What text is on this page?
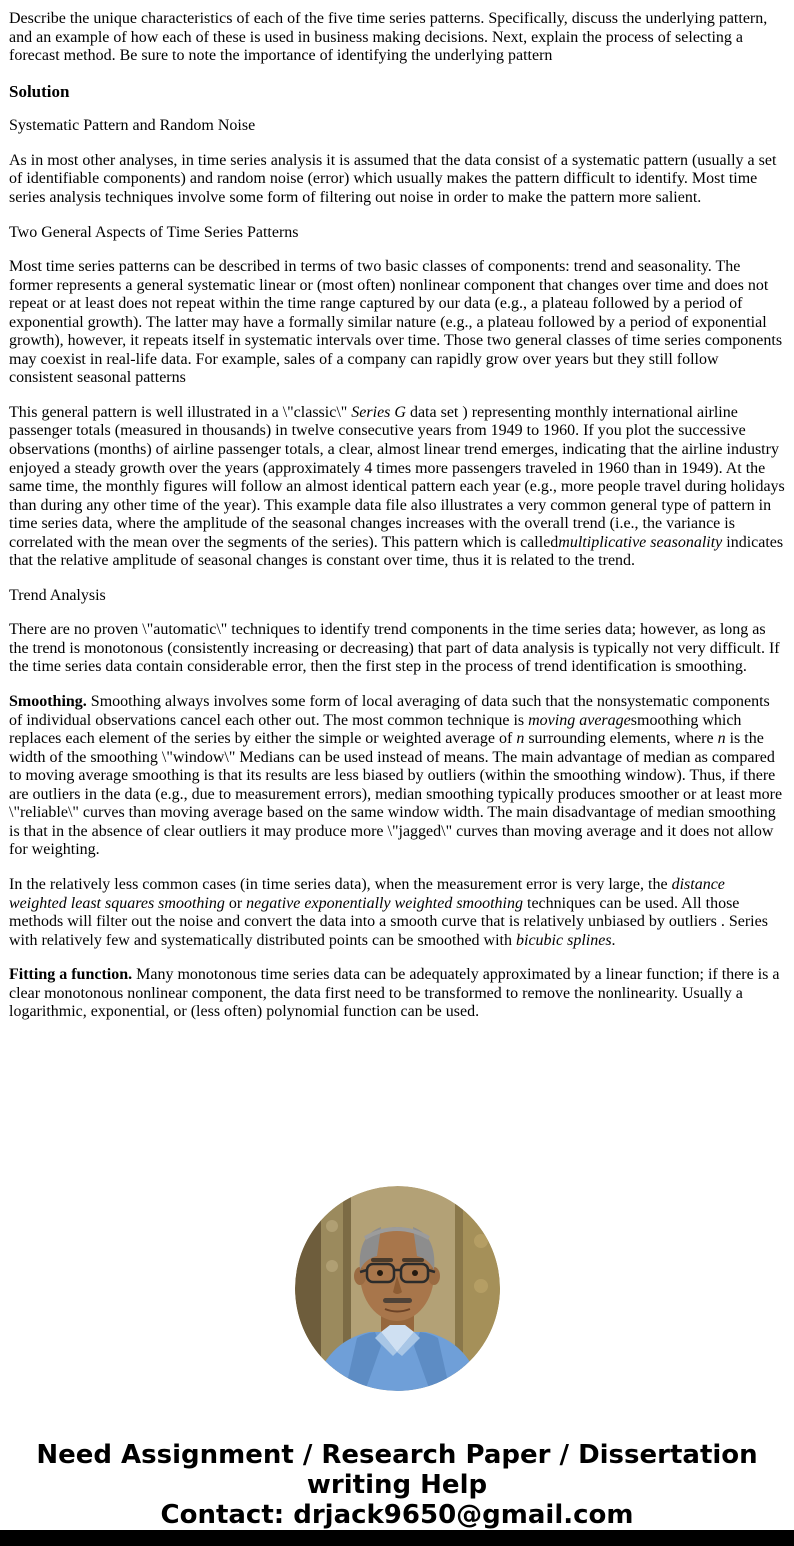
Describe the unique characteristics of each of the five time series patterns. Specifically, discuss the underlying pattern, and an example of how each of these is used in business making decisions. Next, explain the process of selecting a forecast method. Be sure to note the importance of identifying the underlying pattern

Solution

Systematic Pattern and Random Noise

As in most other analyses, in time series analysis it is assumed that the data consist of a systematic pattern (usually a set of identifiable components) and random noise (error) which usually makes the pattern difficult to identify. Most time series analysis techniques involve some form of filtering out noise in order to make the pattern more salient.

Two General Aspects of Time Series Patterns

Most time series patterns can be described in terms of two basic classes of components: trend and seasonality. The former represents a general systematic linear or (most often) nonlinear component that changes over time and does not repeat or at least does not repeat within the time range captured by our data (e.g., a plateau followed by a period of exponential growth). The latter may have a formally similar nature (e.g., a plateau followed by a period of exponential growth), however, it repeats itself in systematic intervals over time. Those two general classes of time series components may coexist in real-life data. For example, sales of a company can rapidly grow over years but they still follow consistent seasonal patterns

This general pattern is well illustrated in a \"classic\" Series G data set ) representing monthly international airline passenger totals (measured in thousands) in twelve consecutive years from 1949 to 1960. If you plot the successive observations (months) of airline passenger totals, a clear, almost linear trend emerges, indicating that the airline industry enjoyed a steady growth over the years (approximately 4 times more passengers traveled in 1960 than in 1949). At the same time, the monthly figures will follow an almost identical pattern each year (e.g., more people travel during holidays than during any other time of the year). This example data file also illustrates a very common general type of pattern in time series data, where the amplitude of the seasonal changes increases with the overall trend (i.e., the variance is correlated with the mean over the segments of the series). This pattern which is calledmultiplicative seasonality indicates that the relative amplitude of seasonal changes is constant over time, thus it is related to the trend.

Trend Analysis

There are no proven \"automatic\" techniques to identify trend components in the time series data; however, as long as the trend is monotonous (consistently increasing or decreasing) that part of data analysis is typically not very difficult. If the time series data contain considerable error, then the first step in the process of trend identification is smoothing.

Smoothing. Smoothing always involves some form of local averaging of data such that the nonsystematic components of individual observations cancel each other out. The most common technique is moving averagesmoothing which replaces each element of the series by either the simple or weighted average of n surrounding elements, where n is the width of the smoothing \"window\" Medians can be used instead of means. The main advantage of median as compared to moving average smoothing is that its results are less biased by outliers (within the smoothing window). Thus, if there are outliers in the data (e.g., due to measurement errors), median smoothing typically produces smoother or at least more \"reliable\" curves than moving average based on the same window width. The main disadvantage of median smoothing is that in the absence of clear outliers it may produce more \"jagged\" curves than moving average and it does not allow for weighting.

In the relatively less common cases (in time series data), when the measurement error is very large, the distance weighted least squares smoothing or negative exponentially weighted smoothing techniques can be used. All those methods will filter out the noise and convert the data into a smooth curve that is relatively unbiased by outliers . Series with relatively few and systematically distributed points can be smoothed with bicubic splines.

Fitting a function. Many monotonous time series data can be adequately approximated by a linear function; if there is a clear monotonous nonlinear component, the data first need to be transformed to remove the nonlinearity. Usually a logarithmic, exponential, or (less often) polynomial function can be used.

Need Assignment / Research Paper / Dissertation writing Help
Contact: drjack9650@gmail.com
